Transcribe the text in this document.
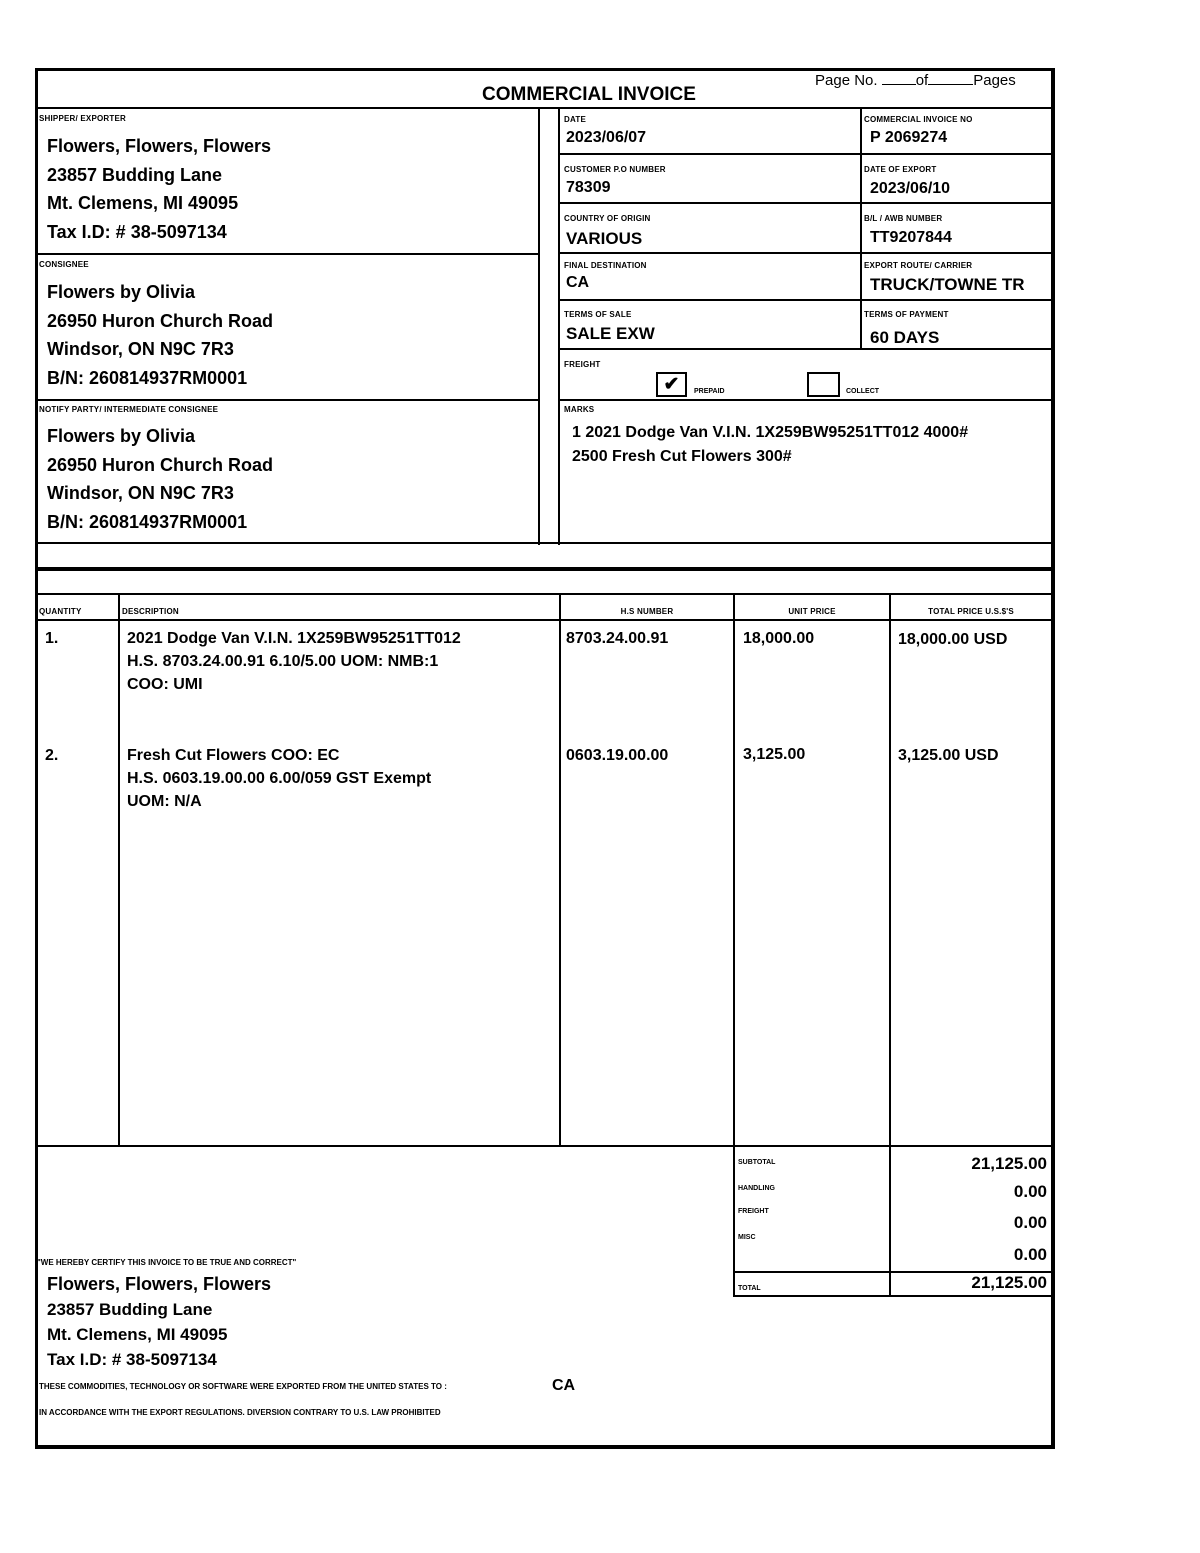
COMMERCIAL INVOICE
Page No.	of	Pages
SHIPPER/ EXPORTER
Flowers, Flowers, Flowers
23857 Budding Lane
Mt. Clemens, MI 49095
Tax I.D: # 38-5097134
CONSIGNEE
Flowers by Olivia
26950 Huron Church Road
Windsor, ON N9C 7R3
B/N: 260814937RM0001
NOTIFY PARTY/ INTERMEDIATE CONSIGNEE
Flowers by Olivia
26950 Huron Church Road
Windsor, ON N9C 7R3
B/N: 260814937RM0001
DATE
2023/06/07
COMMERCIAL INVOICE NO
P 2069274
CUSTOMER P.O NUMBER
78309
DATE OF EXPORT
2023/06/10
COUNTRY OF ORIGIN
VARIOUS
B/L / AWB NUMBER
TT9207844
FINAL DESTINATION
CA
EXPORT ROUTE/ CARRIER
TRUCK/TOWNE TR
TERMS OF SALE
SALE EXW
TERMS OF PAYMENT
60 DAYS
FREIGHT
✔	PREPAID	COLLECT
MARKS
1 2021 Dodge Van V.I.N. 1X259BW95251TT012 4000#
2500 Fresh Cut Flowers 300#
QUANTITY	DESCRIPTION	H.S NUMBER	UNIT PRICE	TOTAL PRICE U.S.$'S
1.	2021 Dodge Van V.I.N. 1X259BW95251TT012
H.S. 8703.24.00.91 6.10/5.00 UOM: NMB:1
COO: UMI
8703.24.00.91	18,000.00	18,000.00 USD
2.	Fresh Cut Flowers COO: EC
H.S. 0603.19.00.00 6.00/059 GST Exempt
UOM: N/A
0603.19.00.00	3,125.00	3,125.00 USD
SUBTOTAL	21,125.00
HANDLING	0.00
FREIGHT
0.00
MISC
0.00
TOTAL	21,125.00
"WE HEREBY CERTIFY THIS INVOICE TO BE TRUE AND CORRECT"
Flowers, Flowers, Flowers
23857 Budding Lane
Mt. Clemens, MI 49095
Tax I.D: # 38-5097134
THESE COMMODITIES, TECHNOLOGY OR SOFTWARE WERE EXPORTED FROM THE UNITED STATES TO :	CA
IN ACCORDANCE WITH THE EXPORT REGULATIONS. DIVERSION CONTRARY TO U.S. LAW PROHIBITED
